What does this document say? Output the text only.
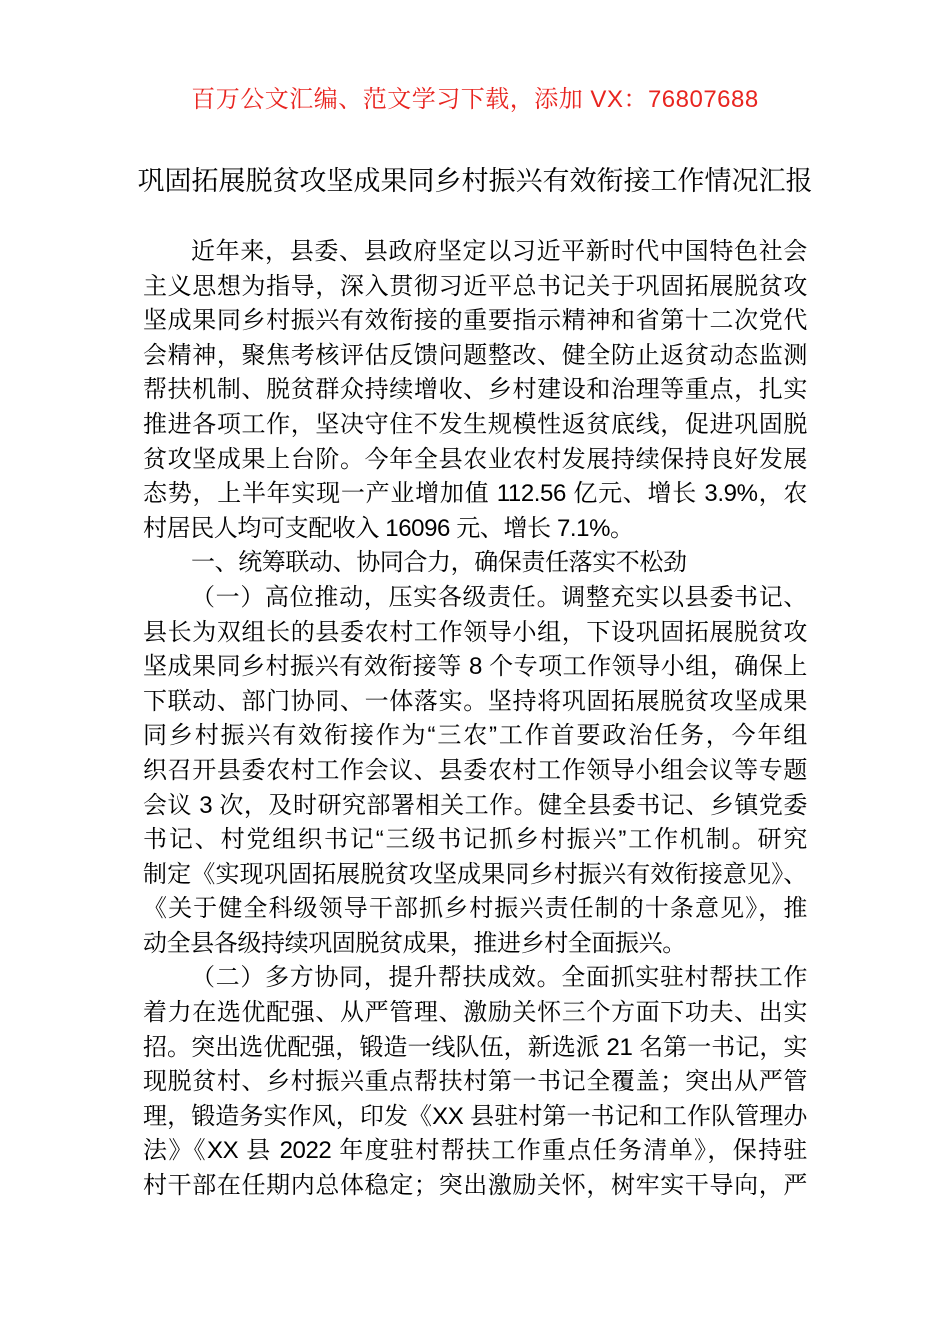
百万公文汇编、范文学习下载，添加 VX：76807688
巩固拓展脱贫攻坚成果同乡村振兴有效衔接工作情况汇报
近年来，县委、县政府坚定以习近平新时代中国特色社会
主义思想为指导，深入贯彻习近平总书记关于巩固拓展脱贫攻
坚成果同乡村振兴有效衔接的重要指示精神和省第十二次党代
会精神，聚焦考核评估反馈问题整改、健全防止返贫动态监测
帮扶机制、脱贫群众持续增收、乡村建设和治理等重点，扎实
推进各项工作，坚决守住不发生规模性返贫底线，促进巩固脱
贫攻坚成果上台阶。今年全县农业农村发展持续保持良好发展
态势，上半年实现一产业增加值 112.56 亿元、增长 3.9%，农
村居民人均可支配收入 16096 元、增长 7.1%。
一、统筹联动、协同合力，确保责任落实不松劲
（一）高位推动，压实各级责任。调整充实以县委书记、
县长为双组长的县委农村工作领导小组，下设巩固拓展脱贫攻
坚成果同乡村振兴有效衔接等 8 个专项工作领导小组，确保上
下联动、部门协同、一体落实。坚持将巩固拓展脱贫攻坚成果
同乡村振兴有效衔接作为“三农”工作首要政治任务，今年组
织召开县委农村工作会议、县委农村工作领导小组会议等专题
会议 3 次，及时研究部署相关工作。健全县委书记、乡镇党委
书记、村党组织书记“三级书记抓乡村振兴”工作机制。研究
制定《实现巩固拓展脱贫攻坚成果同乡村振兴有效衔接意见》、
《关于健全科级领导干部抓乡村振兴责任制的十条意见》，推
动全县各级持续巩固脱贫成果，推进乡村全面振兴。
（二）多方协同，提升帮扶成效。全面抓实驻村帮扶工作
着力在选优配强、从严管理、激励关怀三个方面下功夫、出实
招。突出选优配强，锻造一线队伍，新选派 21 名第一书记，实
现脱贫村、乡村振兴重点帮扶村第一书记全覆盖；突出从严管
理，锻造务实作风，印发《XX 县驻村第一书记和工作队管理办
法》《XX 县 2022 年度驻村帮扶工作重点任务清单》，保持驻
村干部在任期内总体稳定；突出激励关怀，树牢实干导向，严
